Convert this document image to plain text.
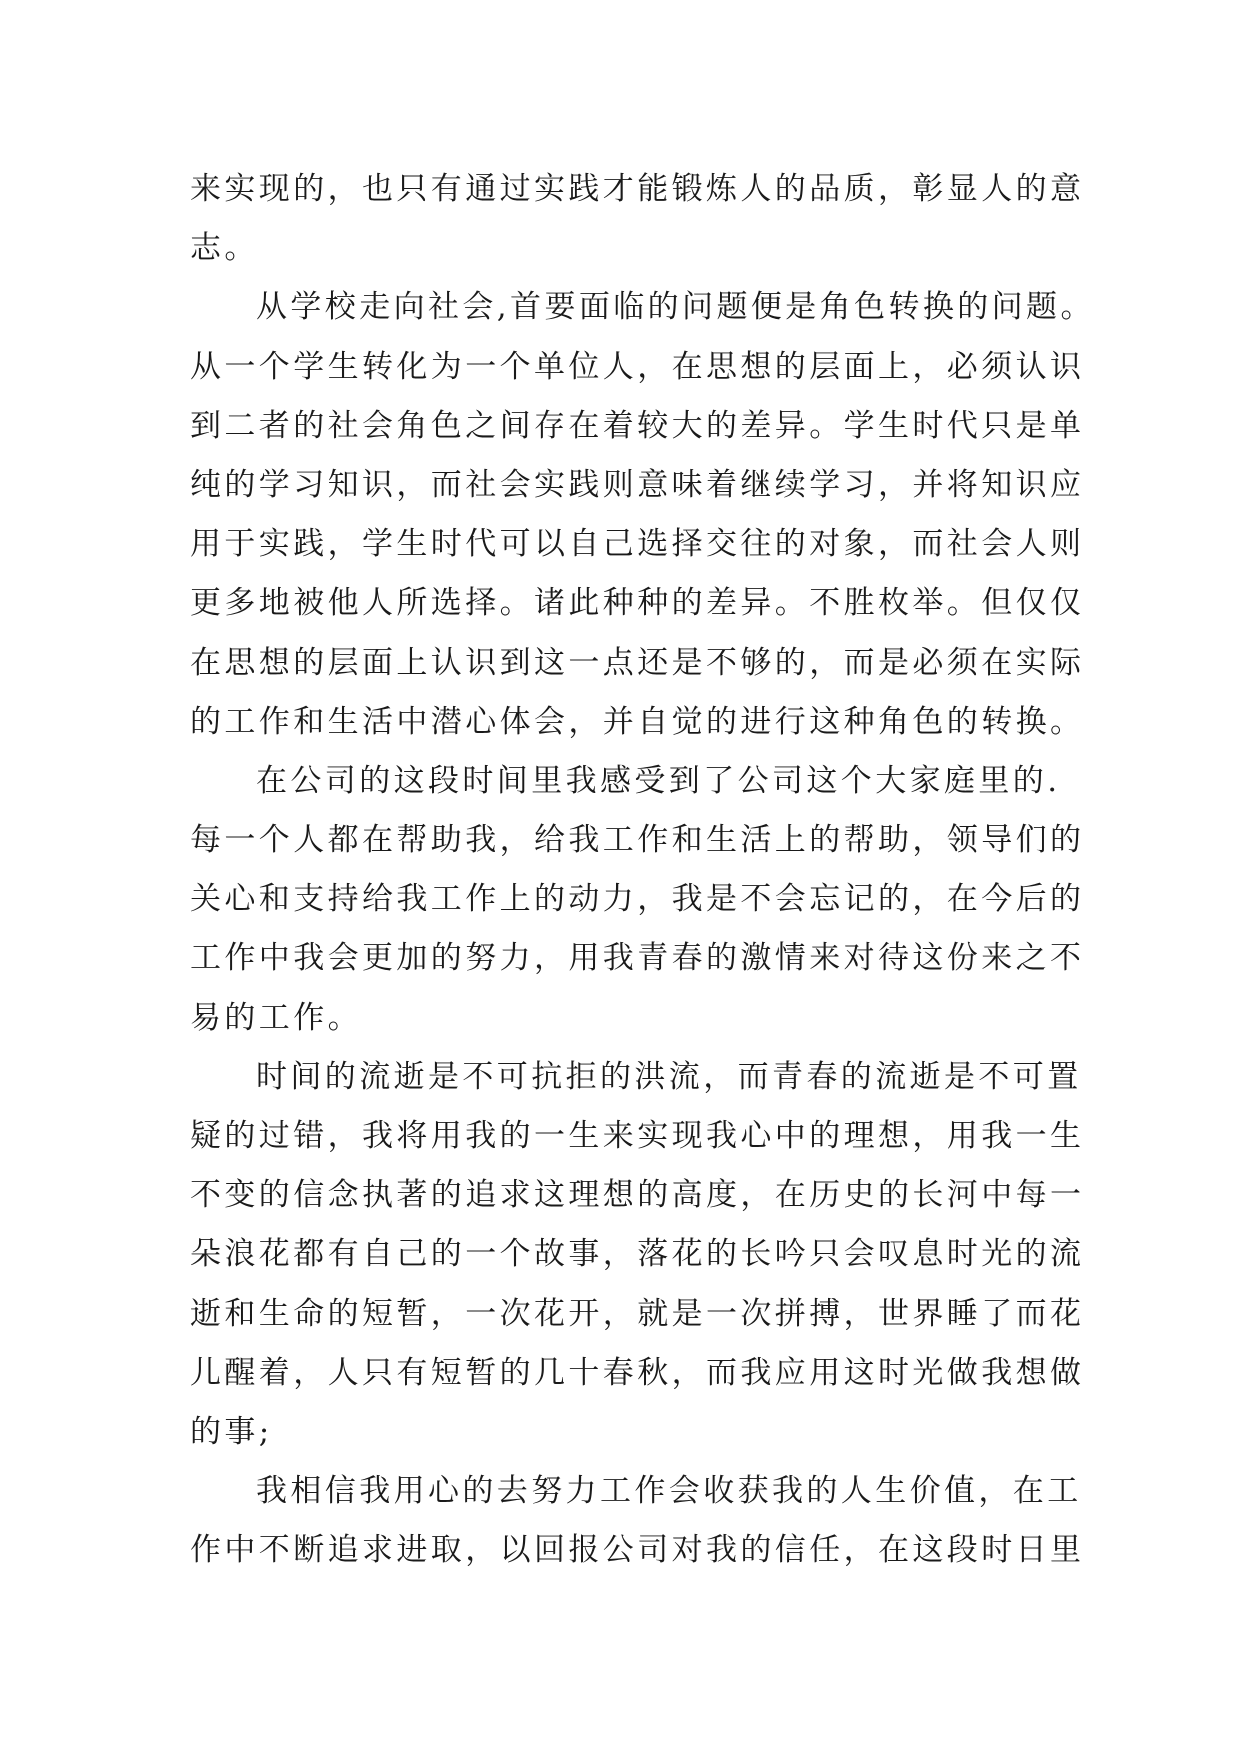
来实现的，也只有通过实践才能锻炼人的品质，彰显人的意
志。
从学校走向社会,首要面临的问题便是角色转换的问题。
从一个学生转化为一个单位人，在思想的层面上，必须认识
到二者的社会角色之间存在着较大的差异。学生时代只是单
纯的学习知识，而社会实践则意味着继续学习，并将知识应
用于实践，学生时代可以自己选择交往的对象，而社会人则
更多地被他人所选择。诸此种种的差异。不胜枚举。但仅仅
在思想的层面上认识到这一点还是不够的，而是必须在实际
的工作和生活中潜心体会，并自觉的进行这种角色的转换。
在公司的这段时间里我感受到了公司这个大家庭里的.
每一个人都在帮助我，给我工作和生活上的帮助，领导们的
关心和支持给我工作上的动力，我是不会忘记的，在今后的
工作中我会更加的努力，用我青春的激情来对待这份来之不
易的工作。
时间的流逝是不可抗拒的洪流，而青春的流逝是不可置
疑的过错，我将用我的一生来实现我心中的理想，用我一生
不变的信念执著的追求这理想的高度，在历史的长河中每一
朵浪花都有自己的一个故事，落花的长吟只会叹息时光的流
逝和生命的短暂，一次花开，就是一次拼搏，世界睡了而花
儿醒着，人只有短暂的几十春秋，而我应用这时光做我想做
的事;
我相信我用心的去努力工作会收获我的人生价值，在工
作中不断追求进取，以回报公司对我的信任，在这段时日里
